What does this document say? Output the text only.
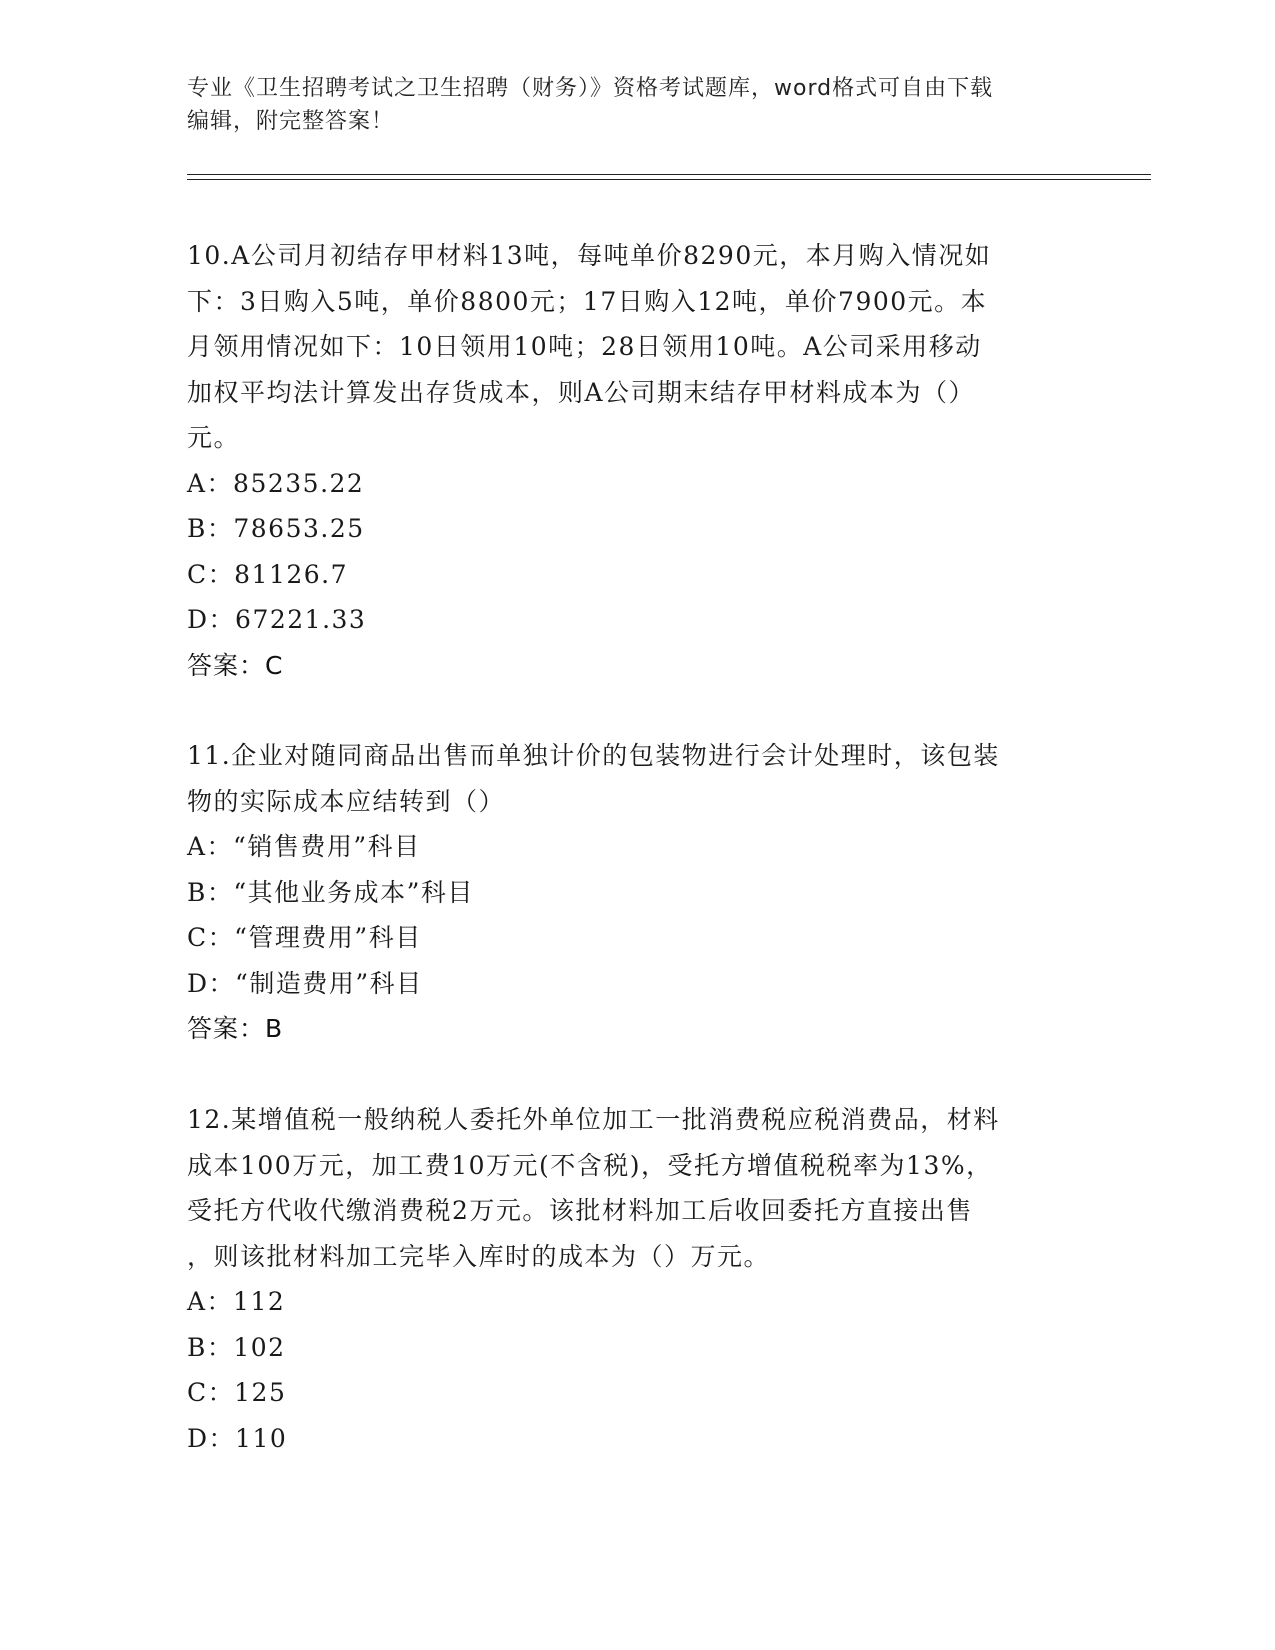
专业《卫生招聘考试之卫生招聘（财务）》资格考试题库，word格式可自由下载
编辑，附完整答案！

10.A公司月初结存甲材料13吨，每吨单价8290元，本月购入情况如

下：3日购入5吨，单价8800元；17日购入12吨，单价7900元。本

月领用情况如下：10日领用10吨；28日领用10吨。A公司采用移动

加权平均法计算发出存货成本，则A公司期末结存甲材料成本为（）

元。

A：85235.22

B：78653.25

C：81126.7

D：67221.33

答案：C

11.企业对随同商品出售而单独计价的包装物进行会计处理时，该包装

物的实际成本应结转到（）

A：“销售费用”科目

B：“其他业务成本”科目

C：“管理费用”科目

D：“制造费用”科目

答案：B

12.某增值税一般纳税人委托外单位加工一批消费税应税消费品，材料

成本100万元，加工费10万元(不含税)，受托方增值税税率为13%，

受托方代收代缴消费税2万元。该批材料加工后收回委托方直接出售

，则该批材料加工完毕入库时的成本为（）万元。

A：112

B：102

C：125

D：110
